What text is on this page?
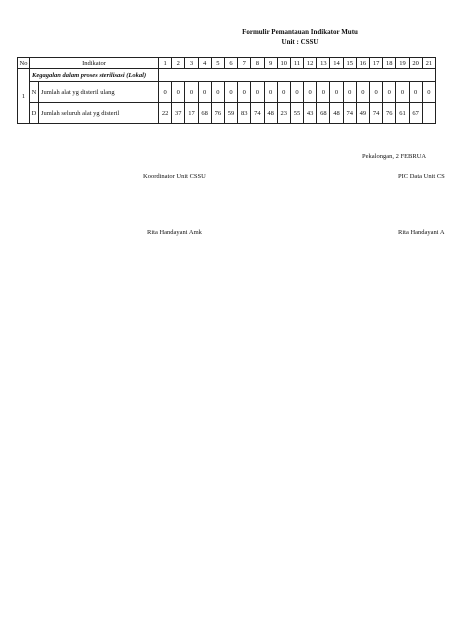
Formulir Pemantauan Indikator Mutu
Unit : CSSU
No	Indikator		1	2	3	4	5	6	7	8	9	10	11	12	13	14	15	16	17	18	19	20	21
1	Kegagalan dalam proses sterilisasi (Lokal)																						
	N	Jumlah alat yg disteril ulang	0	0	0	0	0	0	0	0	0	0	0	0	0	0	0	0	0	0	0	0	0
	D	Jumlah seluruh alat yg disteril	22	37	17	68	76	59	83	74	48	23	55	43	68	48	74	49	74	76	61	67	
Pekalongan, 2 FEBRUA
Koordinator Unit CSSU	PIC Data Unit CS
Rita Handayani Amk	Rita Handayani A
